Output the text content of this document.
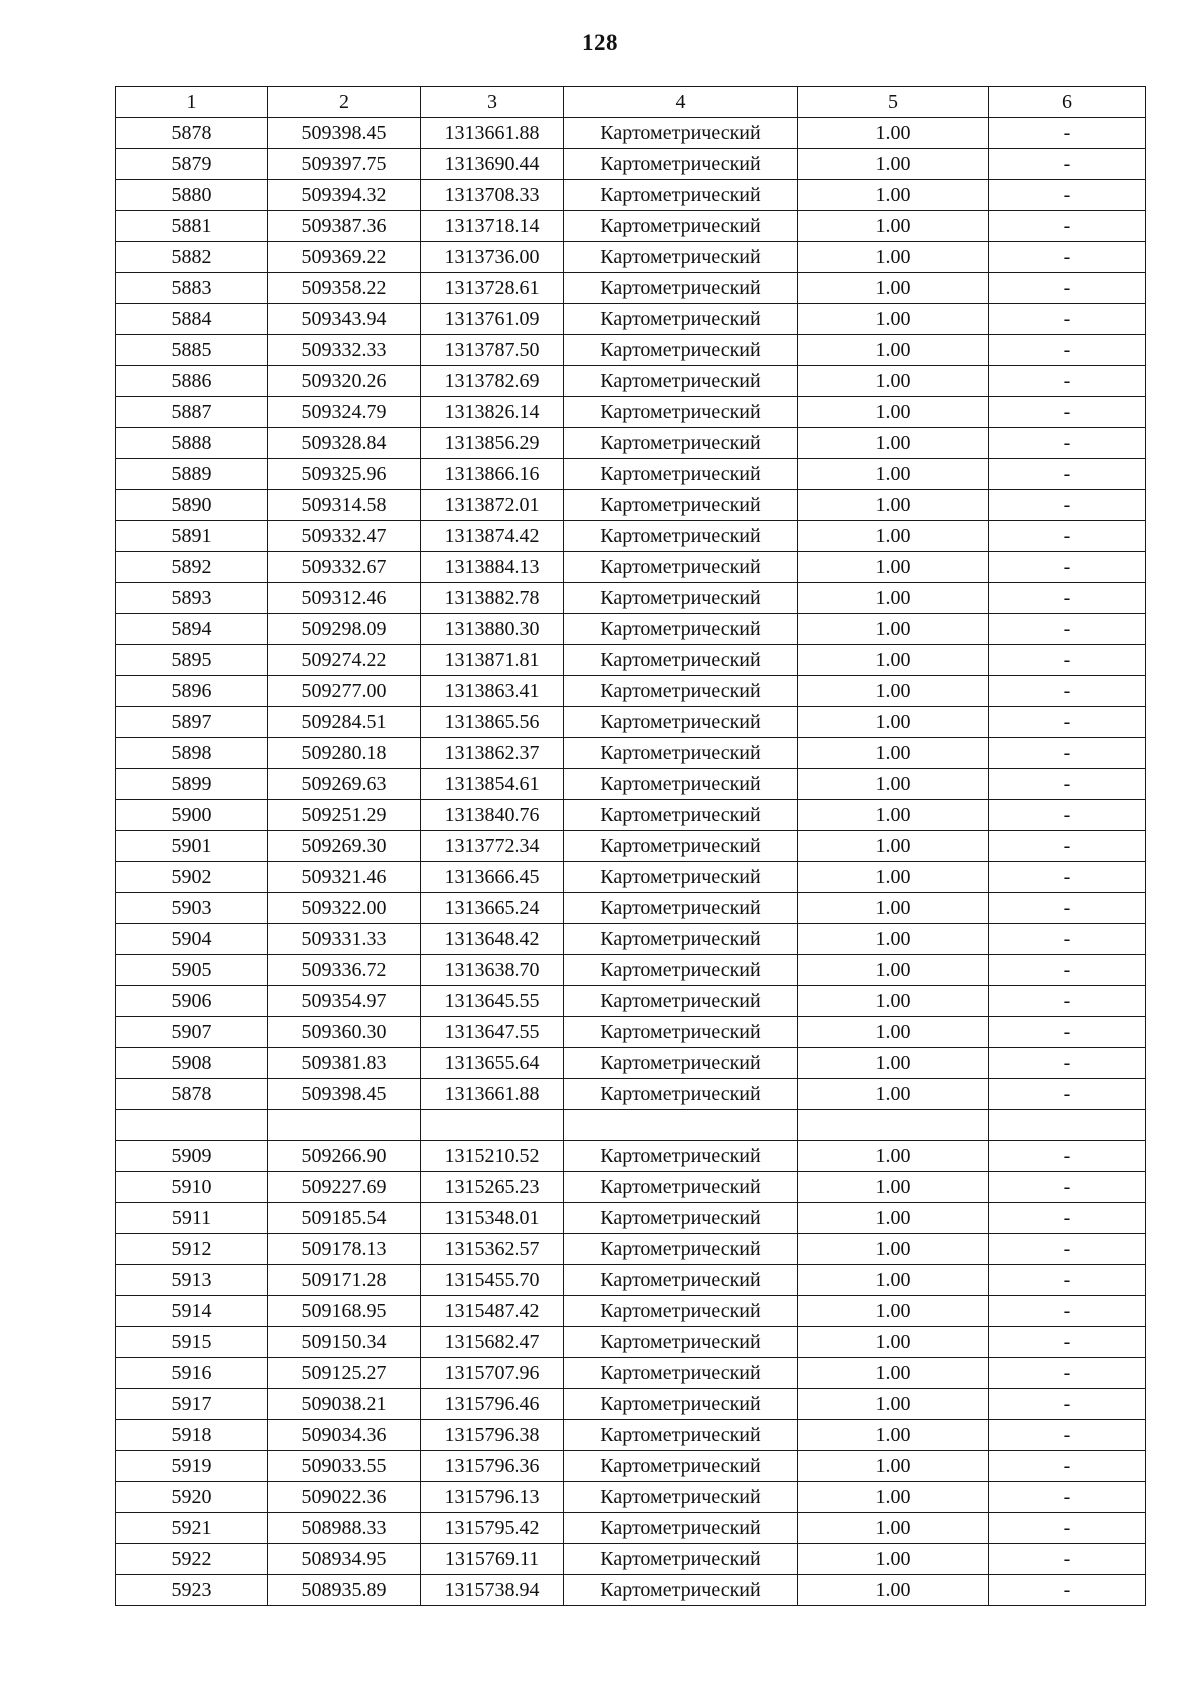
128
1	2	3	4	5	6
5878	509398.45	1313661.88	Картометрический	1.00	-
5879	509397.75	1313690.44	Картометрический	1.00	-
5880	509394.32	1313708.33	Картометрический	1.00	-
5881	509387.36	1313718.14	Картометрический	1.00	-
5882	509369.22	1313736.00	Картометрический	1.00	-
5883	509358.22	1313728.61	Картометрический	1.00	-
5884	509343.94	1313761.09	Картометрический	1.00	-
5885	509332.33	1313787.50	Картометрический	1.00	-
5886	509320.26	1313782.69	Картометрический	1.00	-
5887	509324.79	1313826.14	Картометрический	1.00	-
5888	509328.84	1313856.29	Картометрический	1.00	-
5889	509325.96	1313866.16	Картометрический	1.00	-
5890	509314.58	1313872.01	Картометрический	1.00	-
5891	509332.47	1313874.42	Картометрический	1.00	-
5892	509332.67	1313884.13	Картометрический	1.00	-
5893	509312.46	1313882.78	Картометрический	1.00	-
5894	509298.09	1313880.30	Картометрический	1.00	-
5895	509274.22	1313871.81	Картометрический	1.00	-
5896	509277.00	1313863.41	Картометрический	1.00	-
5897	509284.51	1313865.56	Картометрический	1.00	-
5898	509280.18	1313862.37	Картометрический	1.00	-
5899	509269.63	1313854.61	Картометрический	1.00	-
5900	509251.29	1313840.76	Картометрический	1.00	-
5901	509269.30	1313772.34	Картометрический	1.00	-
5902	509321.46	1313666.45	Картометрический	1.00	-
5903	509322.00	1313665.24	Картометрический	1.00	-
5904	509331.33	1313648.42	Картометрический	1.00	-
5905	509336.72	1313638.70	Картометрический	1.00	-
5906	509354.97	1313645.55	Картометрический	1.00	-
5907	509360.30	1313647.55	Картометрический	1.00	-
5908	509381.83	1313655.64	Картометрический	1.00	-
5878	509398.45	1313661.88	Картометрический	1.00	-

5909	509266.90	1315210.52	Картометрический	1.00	-
5910	509227.69	1315265.23	Картометрический	1.00	-
5911	509185.54	1315348.01	Картометрический	1.00	-
5912	509178.13	1315362.57	Картометрический	1.00	-
5913	509171.28	1315455.70	Картометрический	1.00	-
5914	509168.95	1315487.42	Картометрический	1.00	-
5915	509150.34	1315682.47	Картометрический	1.00	-
5916	509125.27	1315707.96	Картометрический	1.00	-
5917	509038.21	1315796.46	Картометрический	1.00	-
5918	509034.36	1315796.38	Картометрический	1.00	-
5919	509033.55	1315796.36	Картометрический	1.00	-
5920	509022.36	1315796.13	Картометрический	1.00	-
5921	508988.33	1315795.42	Картометрический	1.00	-
5922	508934.95	1315769.11	Картометрический	1.00	-
5923	508935.89	1315738.94	Картометрический	1.00	-
